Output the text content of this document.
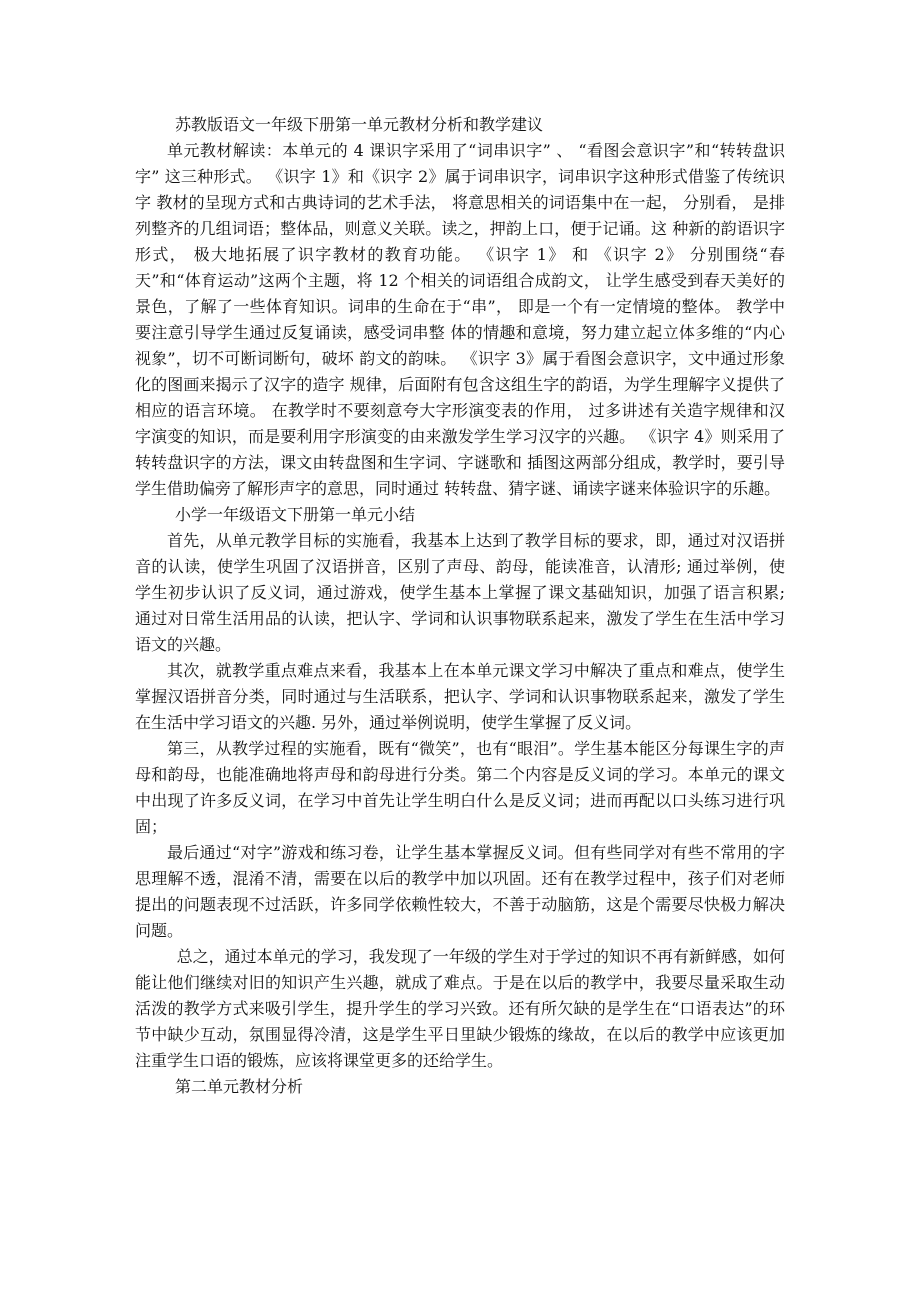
苏教版语文一年级下册第一单元教材分析和教学建议

单元教材解读：本单元的 4 课识字采用了“词串识字” 、 “看图会意识字”和“转转盘识字” 这三种形式。 《识字 1》和《识字 2》属于词串识字，词串识字这种形式借鉴了传统识字 教材的呈现方式和古典诗词的艺术手法， 将意思相关的词语集中在一起， 分别看， 是排列整齐的几组词语；整体品，则意义关联。读之，押韵上口，便于记诵。这 种新的韵语识字形式， 极大地拓展了识字教材的教育功能。 《识字 1》 和 《识字 2》 分别围绕“春天”和“体育运动”这两个主题，将 12 个相关的词语组合成韵文， 让学生感受到春天美好的景色，了解了一些体育知识。词串的生命在于“串”， 即是一个有一定情境的整体。 教学中要注意引导学生通过反复诵读，感受词串整 体的情趣和意境，努力建立起立体多维的“内心视象”，切不可断词断句，破坏 韵文的韵味。 《识字 3》属于看图会意识字，文中通过形象化的图画来揭示了汉字的造字 规律，后面附有包含这组生字的韵语，为学生理解字义提供了相应的语言环境。 在教学时不要刻意夸大字形演变表的作用， 过多讲述有关造字规律和汉字演变的知识，而是要利用字形演变的由来激发学生学习汉字的兴趣。 《识字 4》则采用了转转盘识字的方法，课文由转盘图和生字词、字谜歌和 插图这两部分组成，教学时，要引导学生借助偏旁了解形声字的意思，同时通过 转转盘、猜字谜、诵读字谜来体验识字的乐趣。

小学一年级语文下册第一单元小结

首先，从单元教学目标的实施看，我基本上达到了教学目标的要求，即，通过对汉语拼音的认读，使学生巩固了汉语拼音，区别了声母、韵母，能读准音，认清形; 通过举例，使学生初步认识了反义词，通过游戏，使学生基本上掌握了课文基础知识，加强了语言积累; 通过对日常生活用品的认读，把认字、学词和认识事物联系起来，激发了学生在生活中学习语文的兴趣。

其次，就教学重点难点来看，我基本上在本单元课文学习中解决了重点和难点，使学生掌握汉语拼音分类，同时通过与生活联系，把认字、学词和认识事物联系起来，激发了学生在生活中学习语文的兴趣. 另外，通过举例说明，使学生掌握了反义词。

第三，从教学过程的实施看，既有“微笑”，也有“眼泪”。学生基本能区分每课生字的声母和韵母，也能准确地将声母和韵母进行分类。第二个内容是反义词的学习。本单元的课文中出现了许多反义词，在学习中首先让学生明白什么是反义词；进而再配以口头练习进行巩固；

最后通过“对字”游戏和练习卷，让学生基本掌握反义词。但有些同学对有些不常用的字思理解不透，混淆不清，需要在以后的教学中加以巩固。还有在教学过程中，孩子们对老师提出的问题表现不过活跃，许多同学依赖性较大，不善于动脑筋，这是个需要尽快极力解决问题。

总之，通过本单元的学习，我发现了一年级的学生对于学过的知识不再有新鲜感，如何能让他们继续对旧的知识产生兴趣，就成了难点。于是在以后的教学中，我要尽量采取生动活泼的教学方式来吸引学生，提升学生的学习兴致。还有所欠缺的是学生在“口语表达”的环节中缺少互动，氛围显得冷清，这是学生平日里缺少锻炼的缘故，在以后的教学中应该更加注重学生口语的锻炼，应该将课堂更多的还给学生。

第二单元教材分析
